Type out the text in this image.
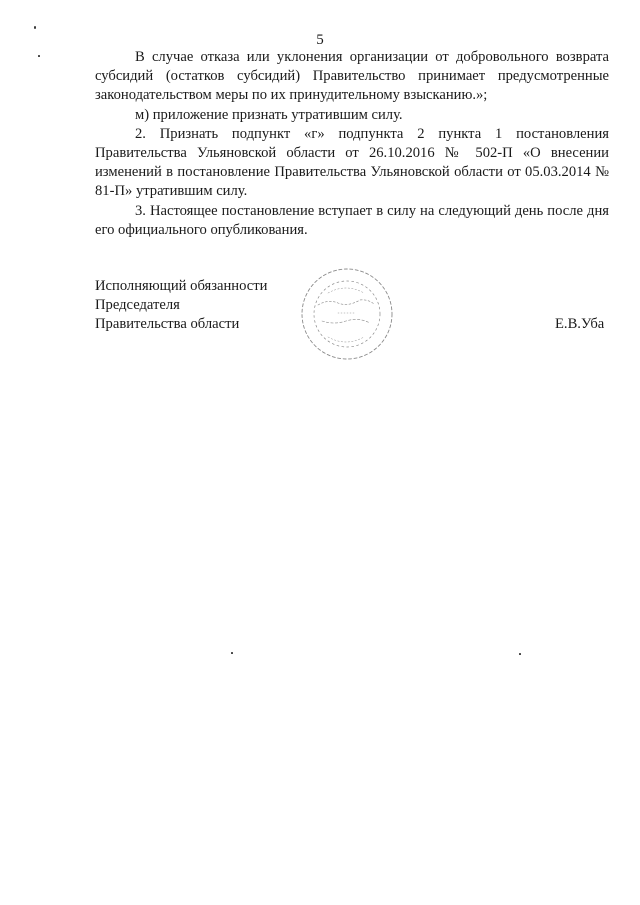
5

В случае отказа или уклонения организации от добровольного возврата субсидий (остатков субсидий) Правительство принимает предусмотренные законодательством меры по их принудительному взысканию.»;

м) приложение признать утратившим силу.

2. Признать подпункт «г» подпункта 2 пункта 1 постановления Правительства Ульяновской области от 26.10.2016 № 502-П «О внесении изменений в постановление Правительства Ульяновской области от 05.03.2014 № 81-П» утратившим силу.

3. Настоящее постановление вступает в силу на следующий день после дня его официального опубликования.

Исполняющий обязанности
Председателя
Правительства области	Е.В.Уба
